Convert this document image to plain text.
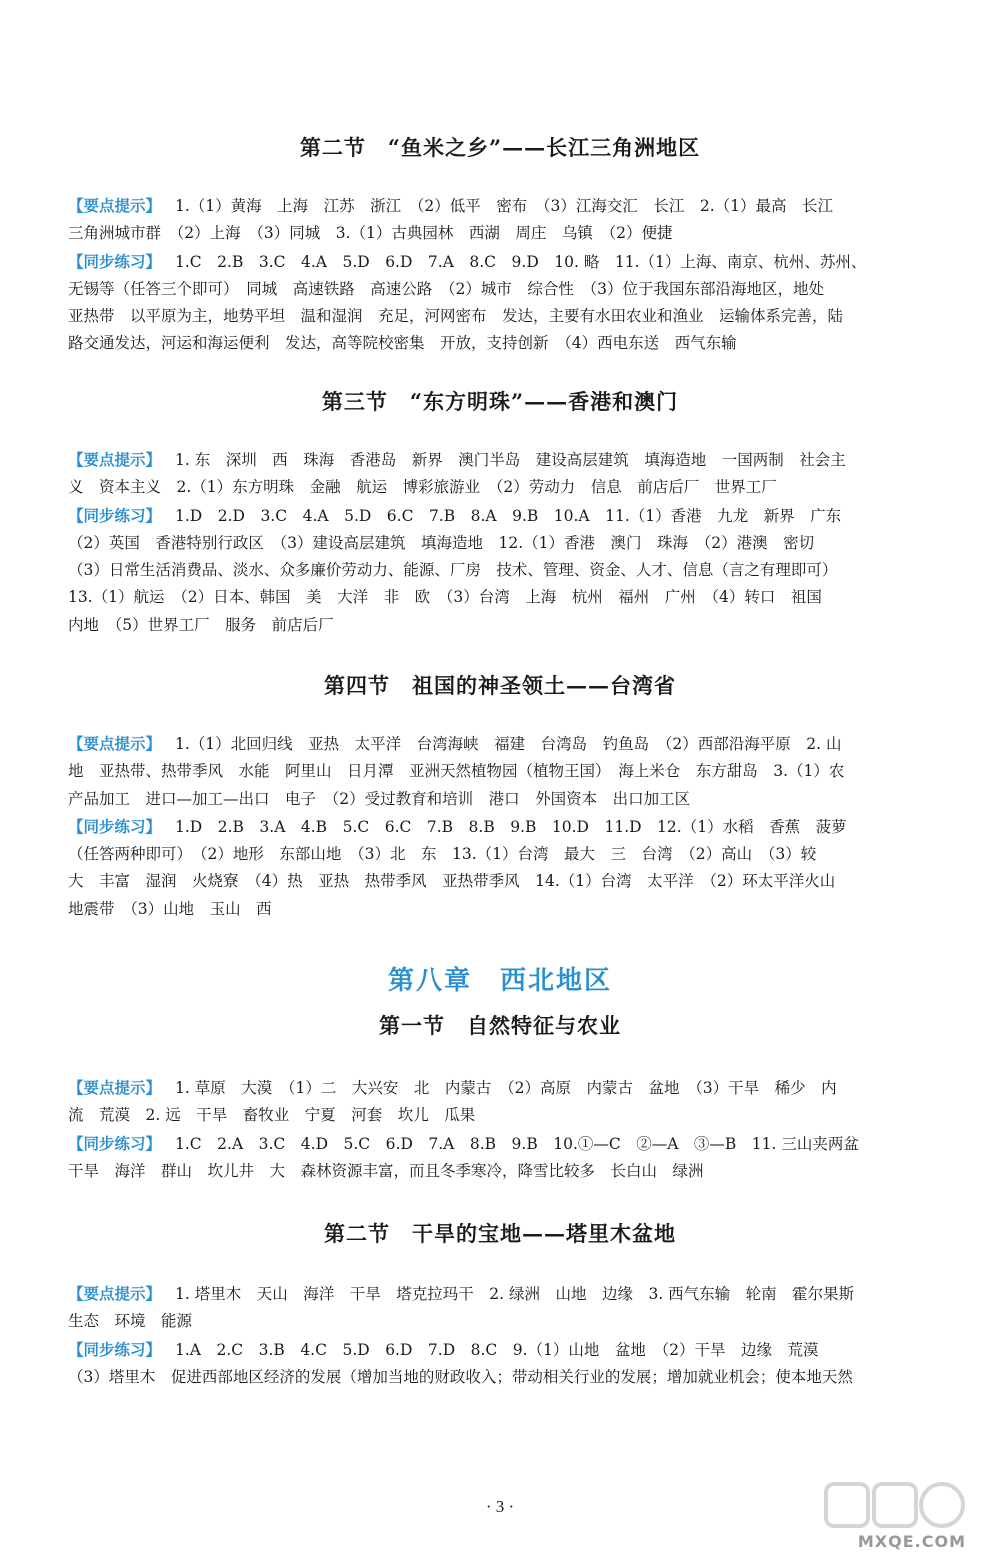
第二节　“鱼米之乡”——长江三角洲地区
【要点提示】 1.（1）黄海　上海　江苏　浙江　（2）低平　密布　（3）江海交汇　长江　2.（1）最高　长江
三角洲城市群　（2）上海　（3）同城　3.（1）古典园林　西湖　周庄　乌镇　（2）便捷
【同步练习】 1.C　2.B　3.C　4.A　5.D　6.D　7.A　8.C　9.D　10. 略　11.（1）上海、南京、杭州、苏州、
无锡等（任答三个即可）　同城　高速铁路　高速公路　（2）城市　综合性　（3）位于我国东部沿海地区，地处
亚热带　以平原为主，地势平坦　温和湿润　充足，河网密布　发达，主要有水田农业和渔业　运输体系完善，陆
路交通发达，河运和海运便利　发达，高等院校密集　开放，支持创新　（4）西电东送　西气东输
第三节　“东方明珠”——香港和澳门
【要点提示】 1. 东　深圳　西　珠海　香港岛　新界　澳门半岛　建设高层建筑　填海造地　一国两制　社会主
义　资本主义　2.（1）东方明珠　金融　航运　博彩旅游业　（2）劳动力　信息　前店后厂　世界工厂
【同步练习】 1.D　2.D　3.C　4.A　5.D　6.C　7.B　8.A　9.B　10.A　11.（1）香港　九龙　新界　广东
（2）英国　香港特别行政区　（3）建设高层建筑　填海造地　12.（1）香港　澳门　珠海　（2）港澳　密切
（3）日常生活消费品、淡水、众多廉价劳动力、能源、厂房　技术、管理、资金、人才、信息（言之有理即可）
13.（1）航运　（2）日本、韩国　美　大洋　非　欧　（3）台湾　上海　杭州　福州　广州　（4）转口　祖国
内地　（5）世界工厂　服务　前店后厂
第四节　祖国的神圣领土——台湾省
【要点提示】 1.（1）北回归线　亚热　太平洋　台湾海峡　福建　台湾岛　钓鱼岛　（2）西部沿海平原　2. 山
地　亚热带、热带季风　水能　阿里山　日月潭　亚洲天然植物园（植物王国）　海上米仓　东方甜岛　3.（1）农
产品加工　进口—加工—出口　电子　（2）受过教育和培训　港口　外国资本　出口加工区
【同步练习】 1.D　2.B　3.A　4.B　5.C　6.C　7.B　8.B　9.B　10.D　11.D　12.（1）水稻　香蕉　菠萝
（任答两种即可）　（2）地形　东部山地　（3）北　东　13.（1）台湾　最大　三　台湾　（2）高山　（3）较
大　丰富　湿润　火烧寮　（4）热　亚热　热带季风　亚热带季风　14.（1）台湾　太平洋　（2）环太平洋火山
地震带　（3）山地　玉山　西
第八章　西北地区
第一节　自然特征与农业
【要点提示】 1. 草原　大漠　（1）二　大兴安　北　内蒙古　（2）高原　内蒙古　盆地　（3）干旱　稀少　内
流　荒漠　2. 远　干旱　畜牧业　宁夏　河套　坎儿　瓜果
【同步练习】 1.C　2.A　3.C　4.D　5.C　6.D　7.A　8.B　9.B　10.①—C　②—A　③—B　11. 三山夹两盆
干旱　海洋　群山　坎儿井　大　森林资源丰富，而且冬季寒冷，降雪比较多　长白山　绿洲
第二节　干旱的宝地——塔里木盆地
【要点提示】 1. 塔里木　天山　海洋　干旱　塔克拉玛干　2. 绿洲　山地　边缘　3. 西气东输　轮南　霍尔果斯
生态　环境　能源
【同步练习】 1.A　2.C　3.B　4.C　5.D　6.D　7.D　8.C　9.（1）山地　盆地　（2）干旱　边缘　荒漠
（3）塔里木　促进西部地区经济的发展（增加当地的财政收入；带动相关行业的发展；增加就业机会；使本地天然
· 3 ·
MXQE.COM
